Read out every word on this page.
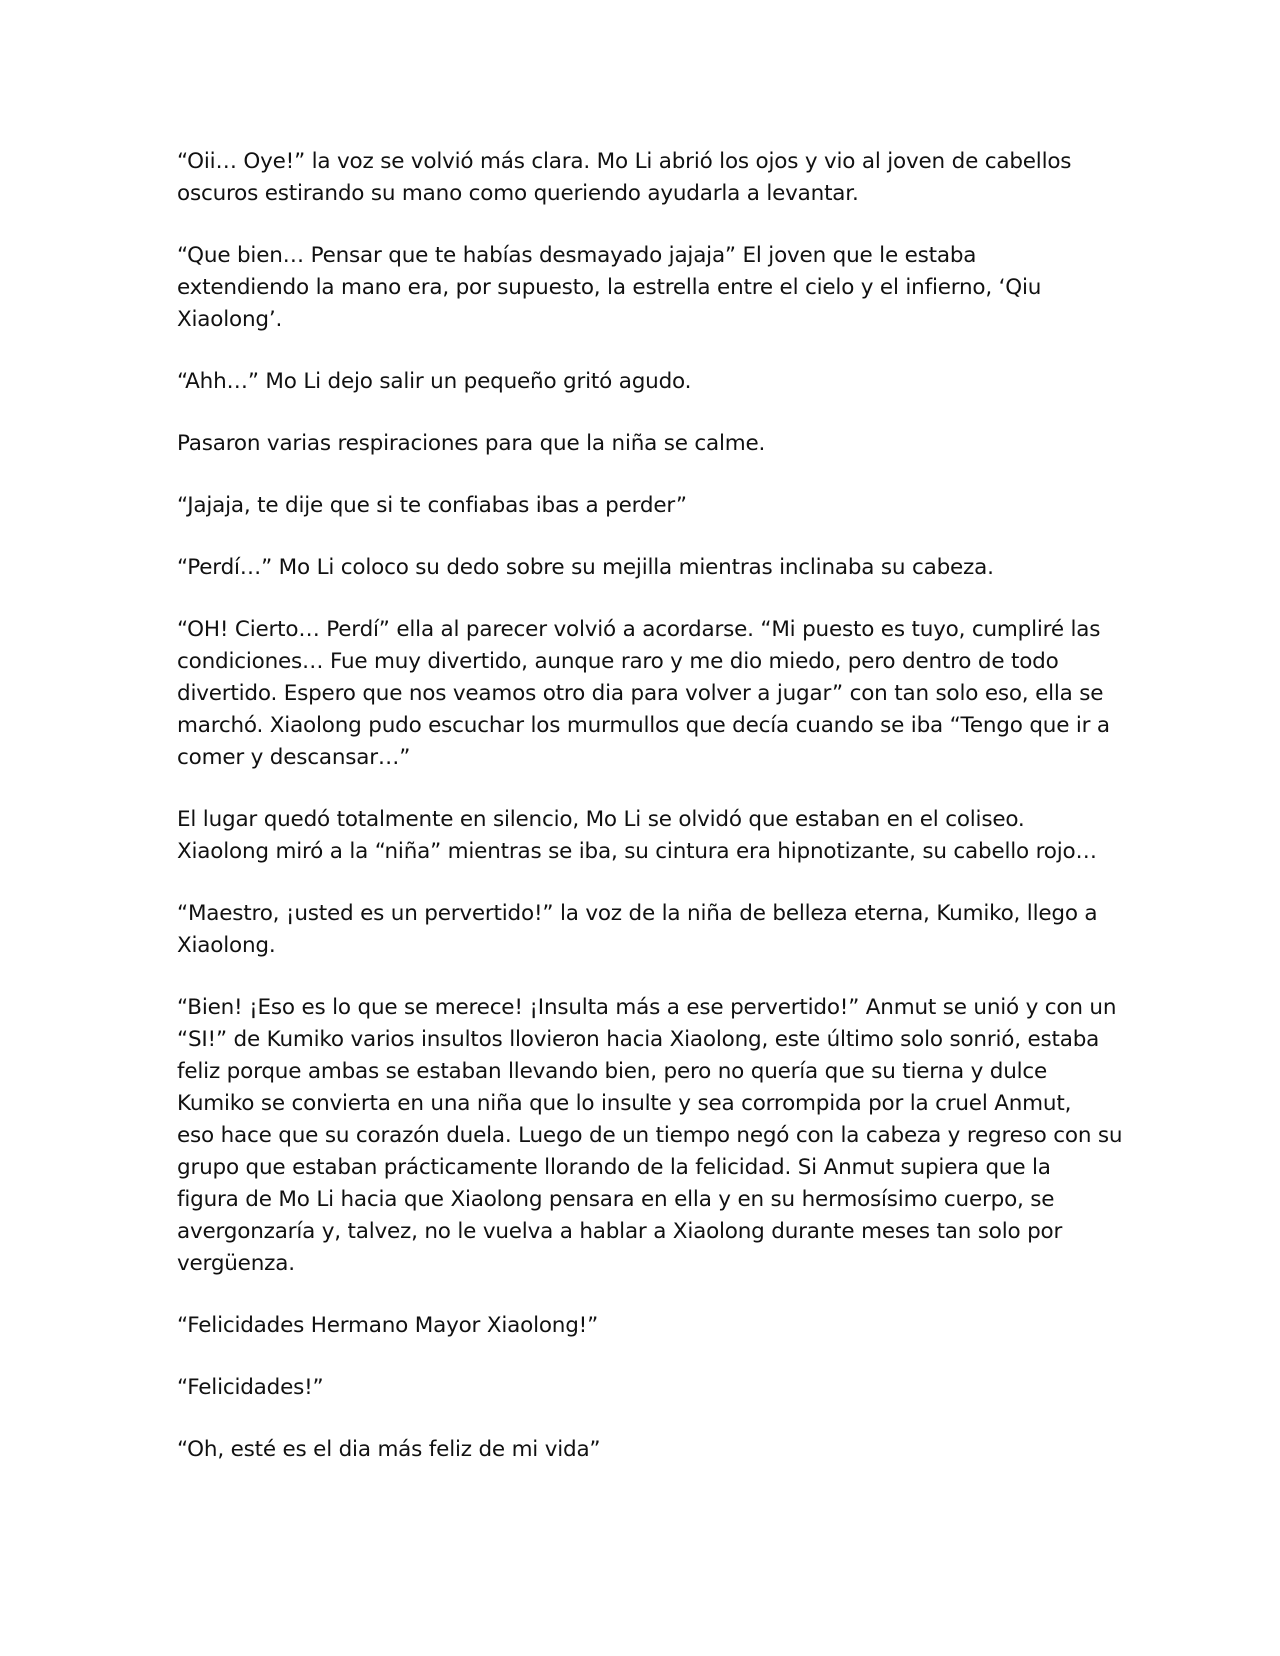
“Oii… Oye!” la voz se volvió más clara. Mo Li abrió los ojos y vio al joven de cabellos
oscuros estirando su mano como queriendo ayudarla a levantar.

“Que bien… Pensar que te habías desmayado jajaja” El joven que le estaba
extendiendo la mano era, por supuesto, la estrella entre el cielo y el infierno, ‘Qiu
Xiaolong’.

“Ahh…” Mo Li dejo salir un pequeño gritó agudo.

Pasaron varias respiraciones para que la niña se calme.

“Jajaja, te dije que si te confiabas ibas a perder”

“Perdí…” Mo Li coloco su dedo sobre su mejilla mientras inclinaba su cabeza.

“OH! Cierto… Perdí” ella al parecer volvió a acordarse. “Mi puesto es tuyo, cumpliré las
condiciones… Fue muy divertido, aunque raro y me dio miedo, pero dentro de todo
divertido. Espero que nos veamos otro dia para volver a jugar” con tan solo eso, ella se
marchó. Xiaolong pudo escuchar los murmullos que decía cuando se iba “Tengo que ir a
comer y descansar…”

El lugar quedó totalmente en silencio, Mo Li se olvidó que estaban en el coliseo.
Xiaolong miró a la “niña” mientras se iba, su cintura era hipnotizante, su cabello rojo…

“Maestro, ¡usted es un pervertido!” la voz de la niña de belleza eterna, Kumiko, llego a
Xiaolong.

“Bien! ¡Eso es lo que se merece! ¡Insulta más a ese pervertido!” Anmut se unió y con un
“SI!” de Kumiko varios insultos llovieron hacia Xiaolong, este último solo sonrió, estaba
feliz porque ambas se estaban llevando bien, pero no quería que su tierna y dulce
Kumiko se convierta en una niña que lo insulte y sea corrompida por la cruel Anmut,
eso hace que su corazón duela. Luego de un tiempo negó con la cabeza y regreso con su
grupo que estaban prácticamente llorando de la felicidad. Si Anmut supiera que la
figura de Mo Li hacia que Xiaolong pensara en ella y en su hermosísimo cuerpo, se
avergonzaría y, talvez, no le vuelva a hablar a Xiaolong durante meses tan solo por
vergüenza.

“Felicidades Hermano Mayor Xiaolong!”

“Felicidades!”

“Oh, esté es el dia más feliz de mi vida”
